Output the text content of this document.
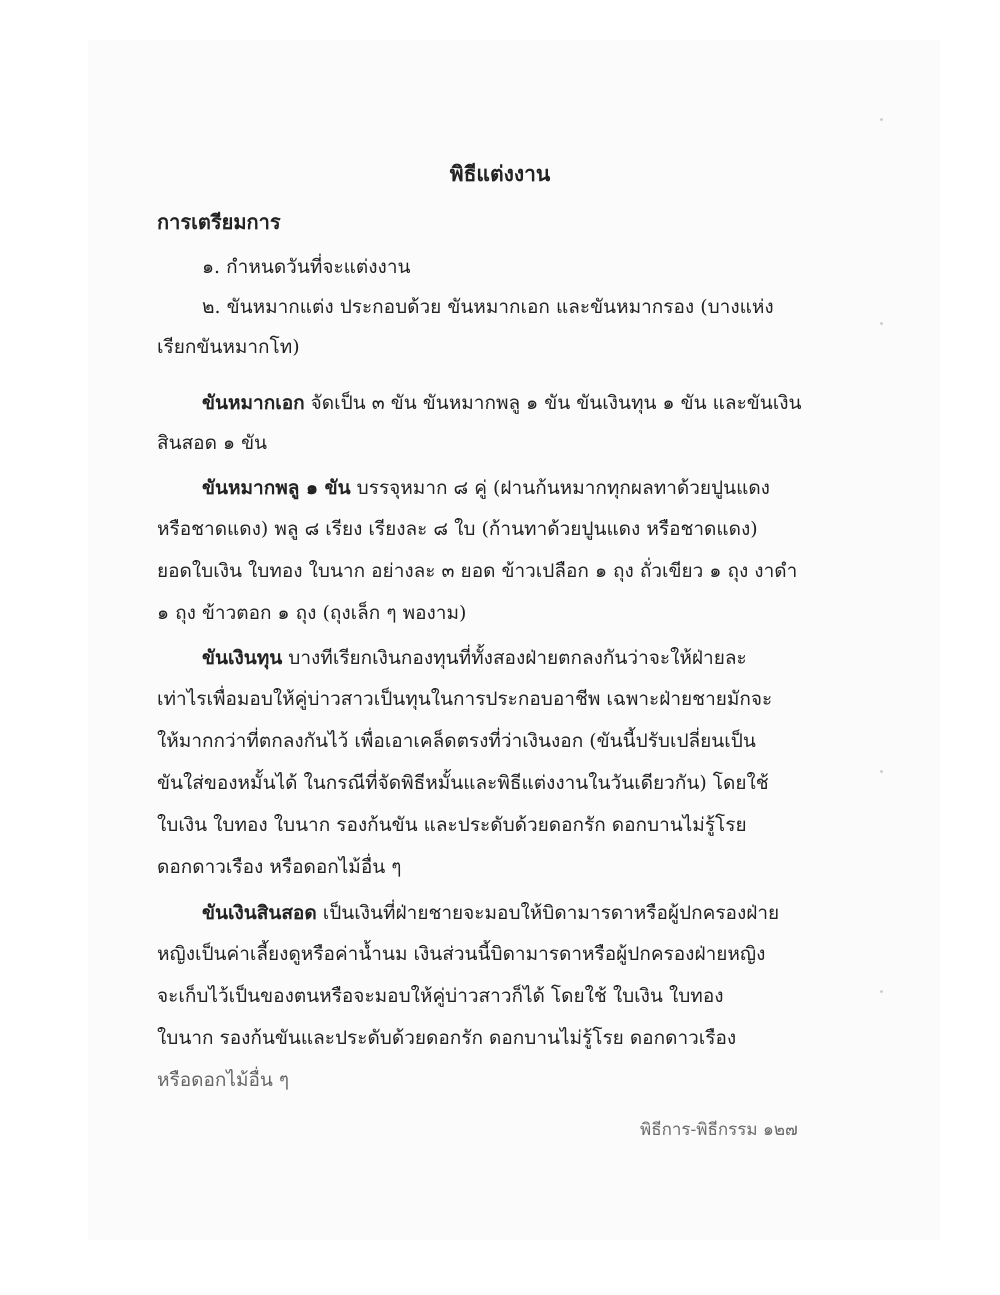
พิธีแต่งงาน
การเตรียมการ

๑. กำหนดวันที่จะแต่งงาน

๒. ขันหมากแต่ง ประกอบด้วย ขันหมากเอก และขันหมากรอง (บางแห่ง

เรียกขันหมากโท)

ขันหมากเอก จัดเป็น ๓ ขัน ขันหมากพลู ๑ ขัน ขันเงินทุน ๑ ขัน และขันเงิน

สินสอด ๑ ขัน

ขันหมากพลู ๑ ขัน บรรจุหมาก ๘ คู่ (ฝานก้นหมากทุกผลทาด้วยปูนแดง

หรือชาดแดง) พลู ๘ เรียง เรียงละ ๘ ใบ (ก้านทาด้วยปูนแดง หรือชาดแดง)

ยอดใบเงิน ใบทอง ใบนาก อย่างละ ๓ ยอด ข้าวเปลือก ๑ ถุง ถั่วเขียว ๑ ถุง งาดำ

๑ ถุง ข้าวตอก ๑ ถุง (ถุงเล็ก ๆ พองาม)

ขันเงินทุน บางทีเรียกเงินกองทุนที่ทั้งสองฝ่ายตกลงกันว่าจะให้ฝ่ายละ

เท่าไรเพื่อมอบให้คู่บ่าวสาวเป็นทุนในการประกอบอาชีพ เฉพาะฝ่ายชายมักจะ

ให้มากกว่าที่ตกลงกันไว้ เพื่อเอาเคล็ดตรงที่ว่าเงินงอก (ขันนี้ปรับเปลี่ยนเป็น

ขันใส่ของหมั้นได้ ในกรณีที่จัดพิธีหมั้นและพิธีแต่งงานในวันเดียวกัน) โดยใช้

ใบเงิน ใบทอง ใบนาก รองก้นขัน และประดับด้วยดอกรัก ดอกบานไม่รู้โรย

ดอกดาวเรือง หรือดอกไม้อื่น ๆ

ขันเงินสินสอด เป็นเงินที่ฝ่ายชายจะมอบให้บิดามารดาหรือผู้ปกครองฝ่าย

หญิงเป็นค่าเลี้ยงดูหรือค่าน้ำนม เงินส่วนนี้บิดามารดาหรือผู้ปกครองฝ่ายหญิง

จะเก็บไว้เป็นของตนหรือจะมอบให้คู่บ่าวสาวก็ได้ โดยใช้ ใบเงิน ใบทอง

ใบนาก รองก้นขันและประดับด้วยดอกรัก ดอกบานไม่รู้โรย ดอกดาวเรือง

หรือดอกไม้อื่น ๆ

พิธีการ-พิธีกรรม ๑๒๗
